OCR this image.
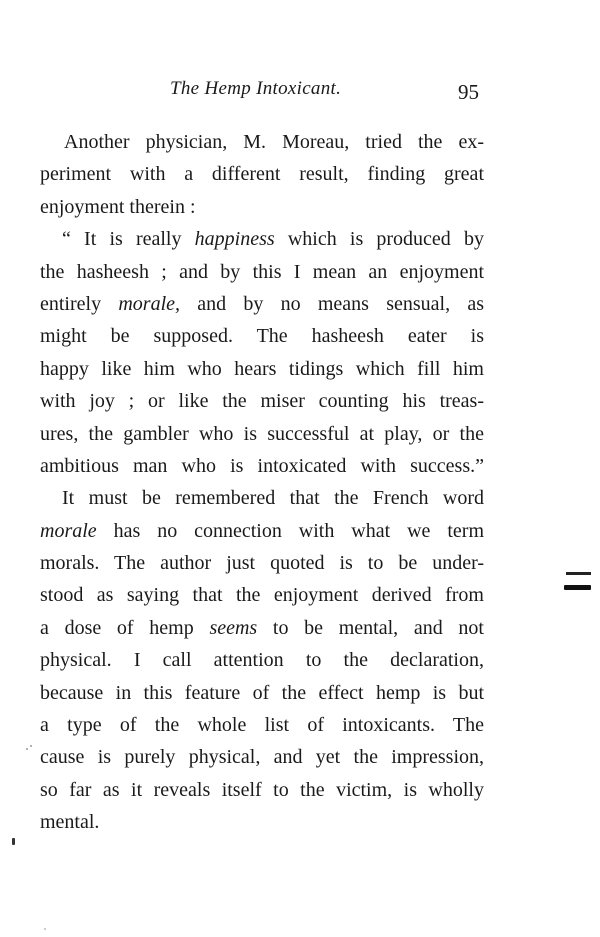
The Hemp Intoxicant.	95
Another physician, M. Moreau, tried the ex-
periment with a different result, finding great
enjoyment therein :
“ It is really happiness which is produced by
the hasheesh ; and by this I mean an enjoyment
entirely morale, and by no means sensual, as
might be supposed. The hasheesh eater is
happy like him who hears tidings which fill him
with joy ; or like the miser counting his treas-
ures, the gambler who is successful at play, or the
ambitious man who is intoxicated with success.”
It must be remembered that the French word
moralе has no connection with what we term
morals. The author just quoted is to be under-
stood as saying that the enjoyment derived from
a dose of hemp seems to be mental, and not
physical. I call attention to the declaration,
because in this feature of the effect hemp is but
a type of the whole list of intoxicants. The
cause is purely physical, and yet the impression,
so far as it reveals itself to the victim, is wholly
mental.
